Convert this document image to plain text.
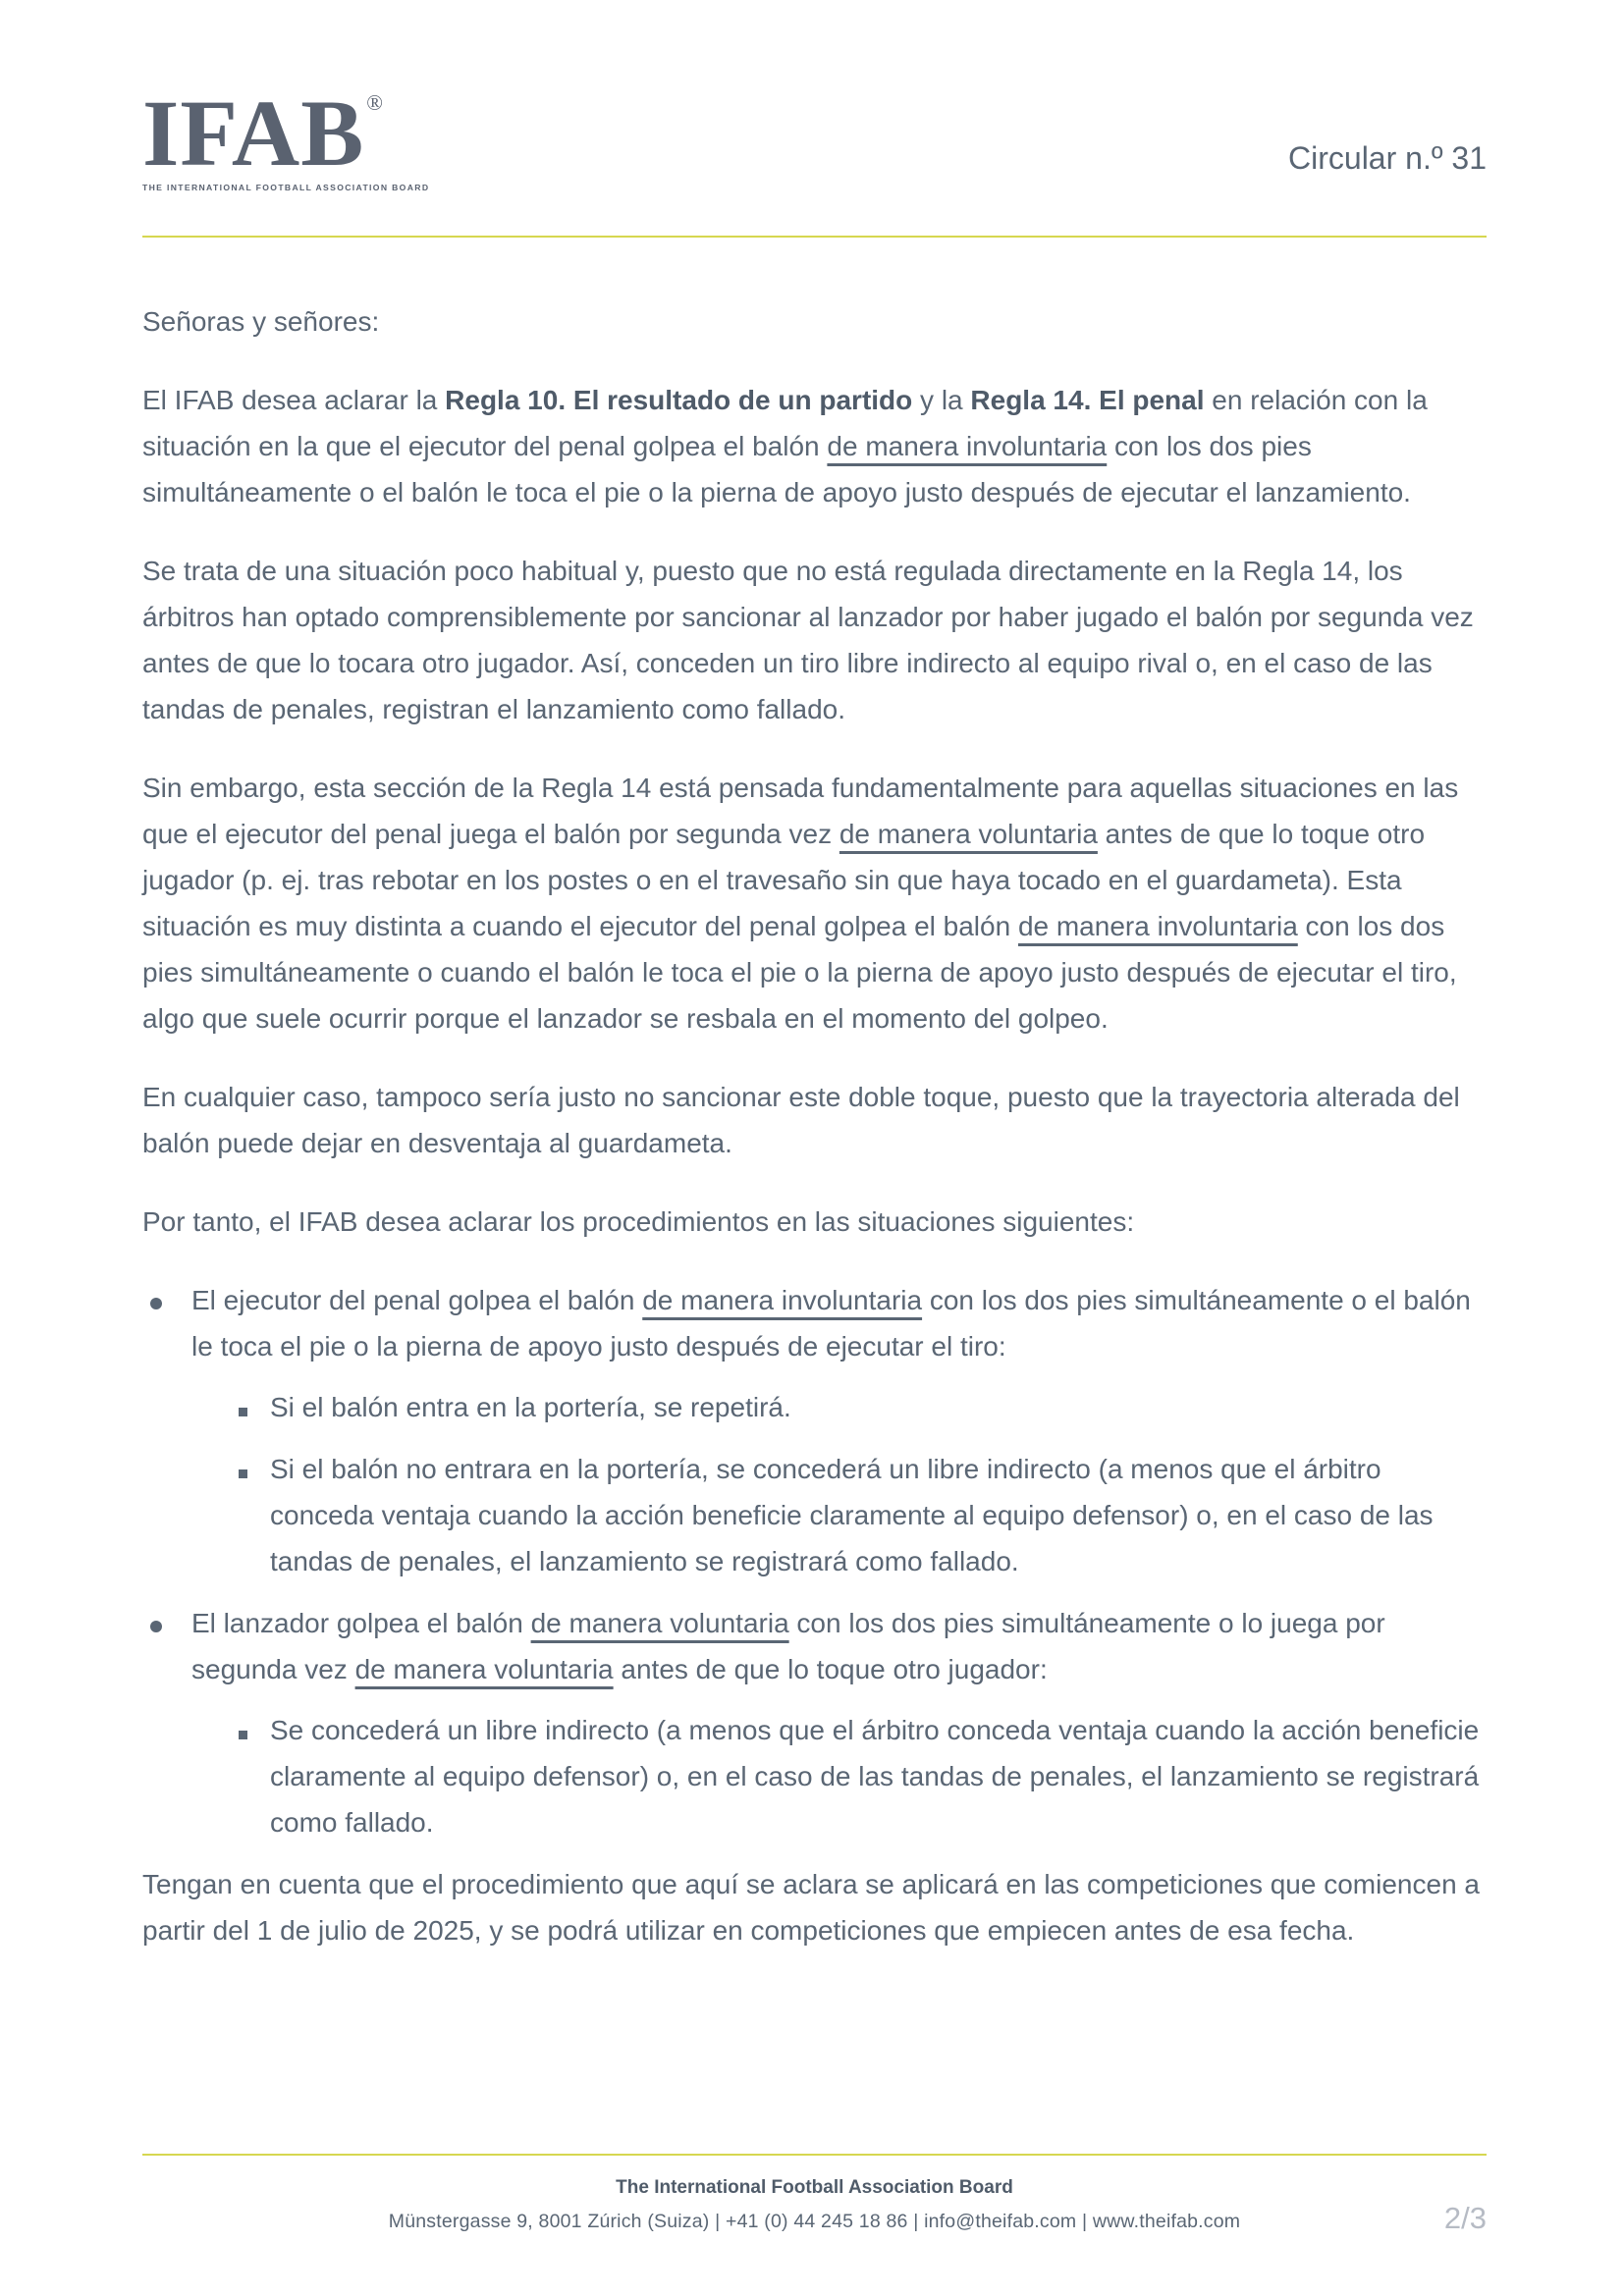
IFAB ®
THE INTERNATIONAL FOOTBALL ASSOCIATION BOARD
Circular n.º 31

Señoras y señores:

El IFAB desea aclarar la Regla 10. El resultado de un partido y la Regla 14. El penal en relación con la situación en la que el ejecutor del penal golpea el balón de manera involuntaria con los dos pies simultáneamente o el balón le toca el pie o la pierna de apoyo justo después de ejecutar el lanzamiento.
Se trata de una situación poco habitual y, puesto que no está regulada directamente en la Regla 14, los árbitros han optado comprensiblemente por sancionar al lanzador por haber jugado el balón por segunda vez antes de que lo tocara otro jugador. Así, conceden un tiro libre indirecto al equipo rival o, en el caso de las tandas de penales, registran el lanzamiento como fallado.
Sin embargo, esta sección de la Regla 14 está pensada fundamentalmente para aquellas situaciones en las que el ejecutor del penal juega el balón por segunda vez de manera voluntaria antes de que lo toque otro jugador (p. ej. tras rebotar en los postes o en el travesaño sin que haya tocado en el guardameta). Esta situación es muy distinta a cuando el ejecutor del penal golpea el balón de manera involuntaria con los dos pies simultáneamente o cuando el balón le toca el pie o la pierna de apoyo justo después de ejecutar el tiro, algo que suele ocurrir porque el lanzador se resbala en el momento del golpeo.
En cualquier caso, tampoco sería justo no sancionar este doble toque, puesto que la trayectoria alterada del balón puede dejar en desventaja al guardameta.
Por tanto, el IFAB desea aclarar los procedimientos en las situaciones siguientes:
El ejecutor del penal golpea el balón de manera involuntaria con los dos pies simultáneamente o el balón le toca el pie o la pierna de apoyo justo después de ejecutar el tiro:
Si el balón entra en la portería, se repetirá.
Si el balón no entrara en la portería, se concederá un libre indirecto (a menos que el árbitro conceda ventaja cuando la acción beneficie claramente al equipo defensor) o, en el caso de las tandas de penales, el lanzamiento se registrará como fallado.
El lanzador golpea el balón de manera voluntaria con los dos pies simultáneamente o lo juega por segunda vez de manera voluntaria antes de que lo toque otro jugador:
Se concederá un libre indirecto (a menos que el árbitro conceda ventaja cuando la acción beneficie claramente al equipo defensor) o, en el caso de las tandas de penales, el lanzamiento se registrará como fallado.
Tengan en cuenta que el procedimiento que aquí se aclara se aplicará en las competiciones que comiencen a partir del 1 de julio de 2025, y se podrá utilizar en competiciones que empiecen antes de esa fecha.
The International Football Association Board
Münstergasse 9, 8001 Zúrich (Suiza) | +41 (0) 44 245 18 86 | info@theifab.com | www.theifab.com	2/3
